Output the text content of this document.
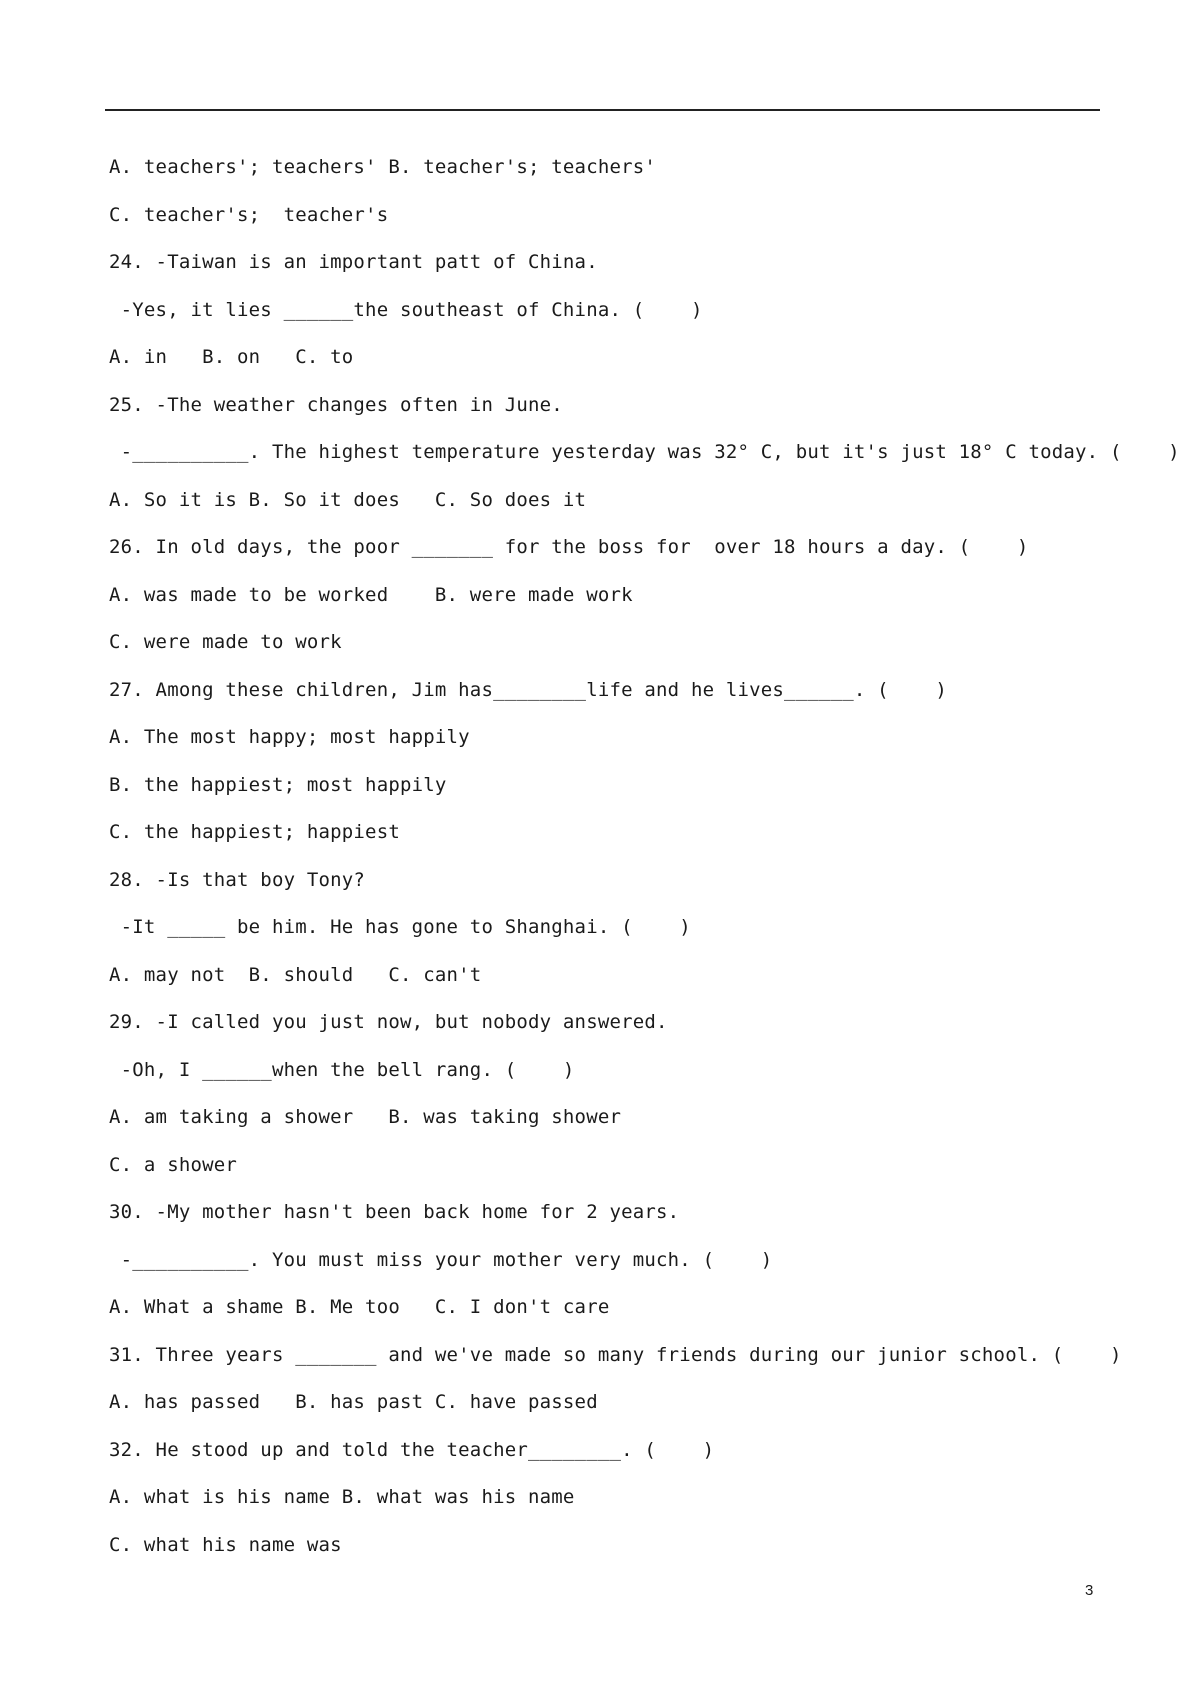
A. teachers'; teachers' B. teacher's; teachers'
C. teacher's;  teacher's
24. -Taiwan is an important patt of China.
-Yes, it lies ______the southeast of China. (    )
A. in   B. on   C. to
25. -The weather changes often in June.
-__________. The highest temperature yesterday was 32° C, but it's just 18° C today. (    )
A. So it is B. So it does   C. So does it
26. In old days, the poor _______ for the boss for  over 18 hours a day. (    )
A. was made to be worked    B. were made work
C. were made to work
27. Among these children, Jim has________life and he lives______. (    )
A. The most happy; most happily
B. the happiest; most happily
C. the happiest; happiest
28. -Is that boy Tony?
-It _____ be him. He has gone to Shanghai. (    )
A. may not  B. should   C. can't
29. -I called you just now, but nobody answered.
-Oh, I ______when the bell rang. (    )
A. am taking a shower   B. was taking shower
C. a shower
30. -My mother hasn't been back home for 2 years.
-__________. You must miss your mother very much. (    )
A. What a shame B. Me too   C. I don't care
31. Three years _______ and we've made so many friends during our junior school. (    )
A. has passed   B. has past C. have passed
32. He stood up and told the teacher________. (    )
A. what is his name B. what was his name
C. what his name was
3
